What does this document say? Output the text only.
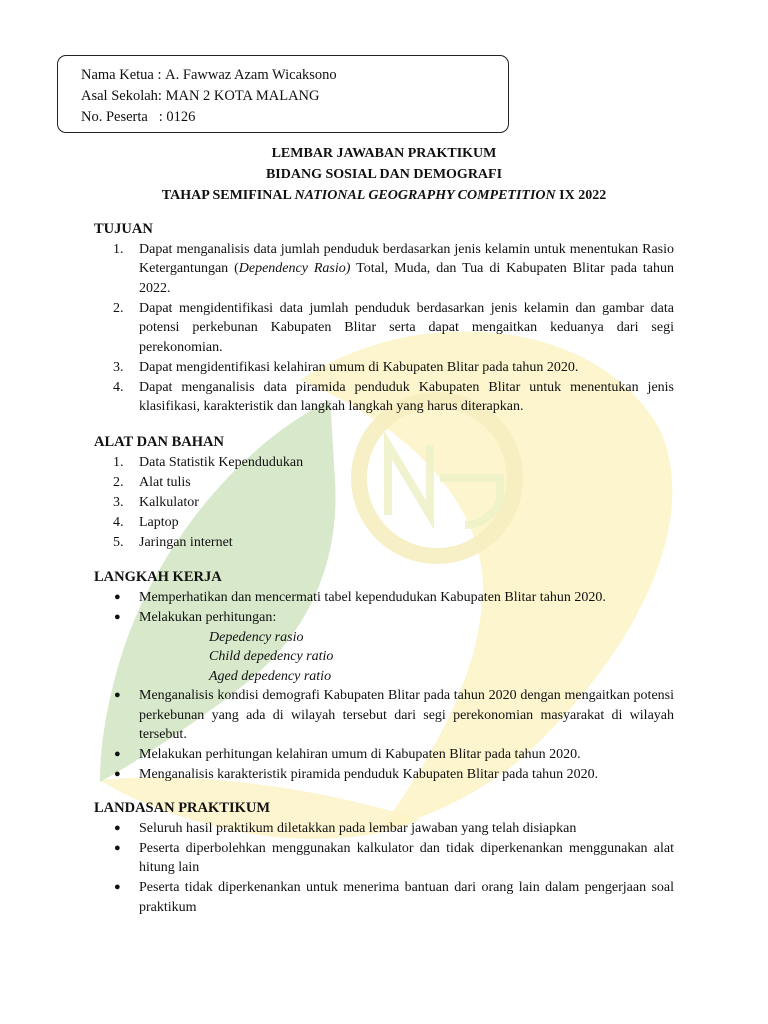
Nama Ketua : A. Fawwaz Azam Wicaksono
Asal Sekolah: MAN 2 KOTA MALANG
No. Peserta   : 0126
LEMBAR JAWABAN PRAKTIKUM
BIDANG SOSIAL DAN DEMOGRAFI
TAHAP SEMIFINAL NATIONAL GEOGRAPHY COMPETITION IX 2022
TUJUAN
1. Dapat menganalisis data jumlah penduduk berdasarkan jenis kelamin untuk menentukan Rasio Ketergantungan (Dependency Rasio) Total, Muda, dan Tua di Kabupaten Blitar pada tahun 2022.
2. Dapat mengidentifikasi data jumlah penduduk berdasarkan jenis kelamin dan gambar data potensi perkebunan Kabupaten Blitar serta dapat mengaitkan keduanya dari segi perekonomian.
3. Dapat mengidentifikasi kelahiran umum di Kabupaten Blitar pada tahun 2020.
4. Dapat menganalisis data piramida penduduk Kabupaten Blitar untuk menentukan jenis klasifikasi, karakteristik dan langkah langkah yang harus diterapkan.
ALAT DAN BAHAN
1. Data Statistik Kependudukan
2. Alat tulis
3. Kalkulator
4. Laptop
5. Jaringan internet
LANGKAH KERJA
● Memperhatikan dan mencermati tabel kependudukan Kabupaten Blitar tahun 2020.
● Melakukan perhitungan:
Depedency rasio
Child depedency ratio
Aged depedency ratio
● Menganalisis kondisi demografi Kabupaten Blitar pada tahun 2020 dengan mengaitkan potensi perkebunan yang ada di wilayah tersebut dari segi perekonomian masyarakat di wilayah tersebut.
● Melakukan perhitungan kelahiran umum di Kabupaten Blitar pada tahun 2020.
● Menganalisis karakteristik piramida penduduk Kabupaten Blitar pada tahun 2020.
LANDASAN PRAKTIKUM
● Seluruh hasil praktikum diletakkan pada lembar jawaban yang telah disiapkan
● Peserta diperbolehkan menggunakan kalkulator dan tidak diperkenankan menggunakan alat hitung lain
● Peserta tidak diperkenankan untuk menerima bantuan dari orang lain dalam pengerjaan soal praktikum
